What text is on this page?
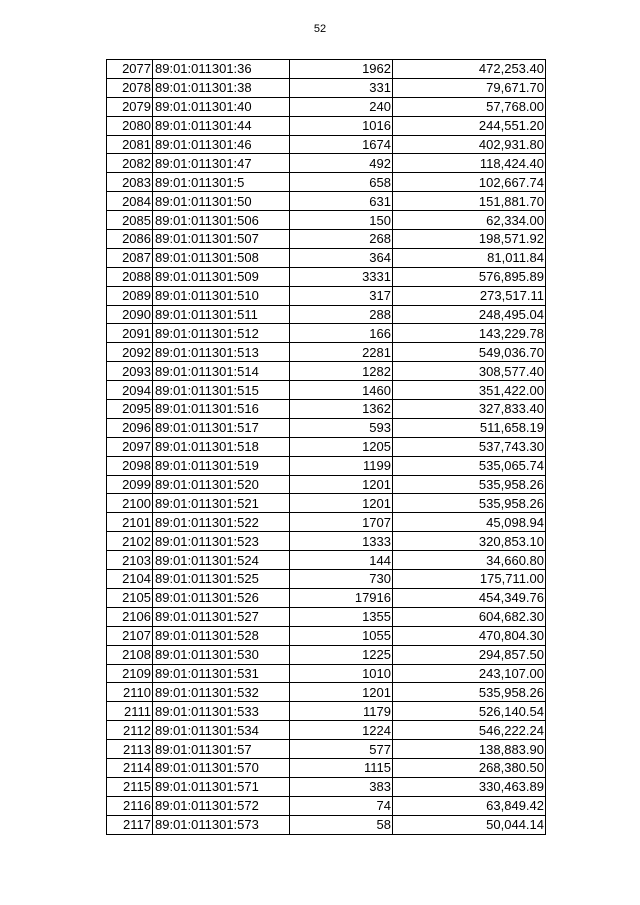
52
2077	89:01:011301:36	1962	472,253.40
2078	89:01:011301:38	331	79,671.70
2079	89:01:011301:40	240	57,768.00
2080	89:01:011301:44	1016	244,551.20
2081	89:01:011301:46	1674	402,931.80
2082	89:01:011301:47	492	118,424.40
2083	89:01:011301:5	658	102,667.74
2084	89:01:011301:50	631	151,881.70
2085	89:01:011301:506	150	62,334.00
2086	89:01:011301:507	268	198,571.92
2087	89:01:011301:508	364	81,011.84
2088	89:01:011301:509	3331	576,895.89
2089	89:01:011301:510	317	273,517.11
2090	89:01:011301:511	288	248,495.04
2091	89:01:011301:512	166	143,229.78
2092	89:01:011301:513	2281	549,036.70
2093	89:01:011301:514	1282	308,577.40
2094	89:01:011301:515	1460	351,422.00
2095	89:01:011301:516	1362	327,833.40
2096	89:01:011301:517	593	511,658.19
2097	89:01:011301:518	1205	537,743.30
2098	89:01:011301:519	1199	535,065.74
2099	89:01:011301:520	1201	535,958.26
2100	89:01:011301:521	1201	535,958.26
2101	89:01:011301:522	1707	45,098.94
2102	89:01:011301:523	1333	320,853.10
2103	89:01:011301:524	144	34,660.80
2104	89:01:011301:525	730	175,711.00
2105	89:01:011301:526	17916	454,349.76
2106	89:01:011301:527	1355	604,682.30
2107	89:01:011301:528	1055	470,804.30
2108	89:01:011301:530	1225	294,857.50
2109	89:01:011301:531	1010	243,107.00
2110	89:01:011301:532	1201	535,958.26
2111	89:01:011301:533	1179	526,140.54
2112	89:01:011301:534	1224	546,222.24
2113	89:01:011301:57	577	138,883.90
2114	89:01:011301:570	1115	268,380.50
2115	89:01:011301:571	383	330,463.89
2116	89:01:011301:572	74	63,849.42
2117	89:01:011301:573	58	50,044.14
